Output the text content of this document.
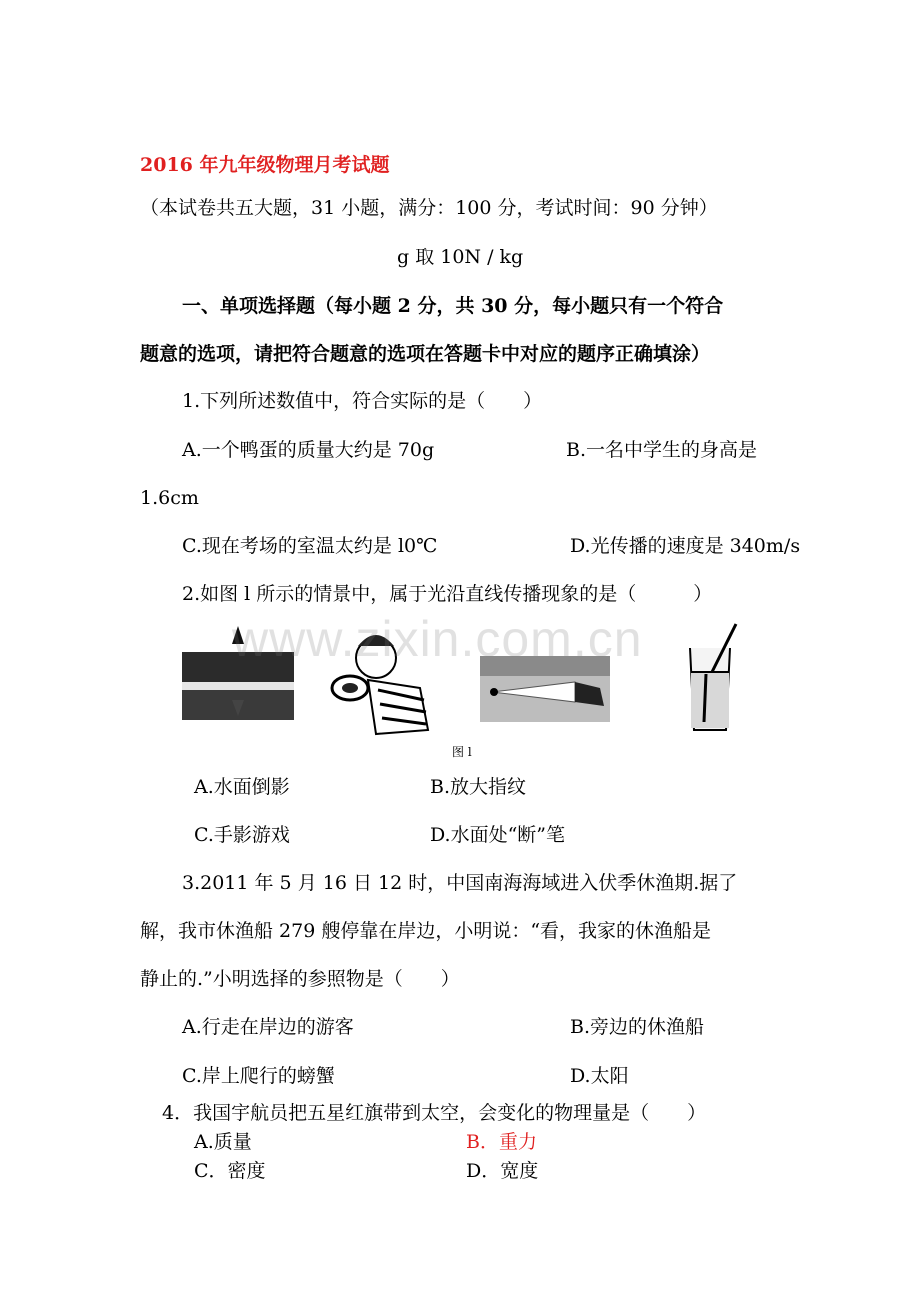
2016 年九年级物理月考试题
（本试卷共五大题，31 小题，满分：100 分，考试时间：90 分钟）
g 取 10N / kg
一、单项选择题（每小题 2 分，共 30 分，每小题只有一个符合
题意的选项，请把符合题意的选项在答题卡中对应的题序正确填涂）
1.下列所述数值中，符合实际的是（　　）
A.一个鸭蛋的质量大约是 70g	B.一名中学生的身高是
1.6cm
C.现在考场的室温太约是 l0℃	D.光传播的速度是 340m/s
2.如图 l 所示的情景中，属于光沿直线传播现象的是（　　　）
图 l
www.zixin.com.cn
A.水面倒影	B.放大指纹
C.手影游戏	D.水面处“断”笔
3.2011 年 5 月 16 日 12 时，中国南海海域进入伏季休渔期.据了
解，我市休渔船 279 艘停靠在岸边，小明说：“看，我家的休渔船是
静止的.”小明选择的参照物是（　　）
A.行走在岸边的游客	B.旁边的休渔船
C.岸上爬行的螃蟹	D.太阳
4．我国宇航员把五星红旗带到太空，会变化的物理量是（　　）
A.质量	B．重力
C．密度	D．宽度
